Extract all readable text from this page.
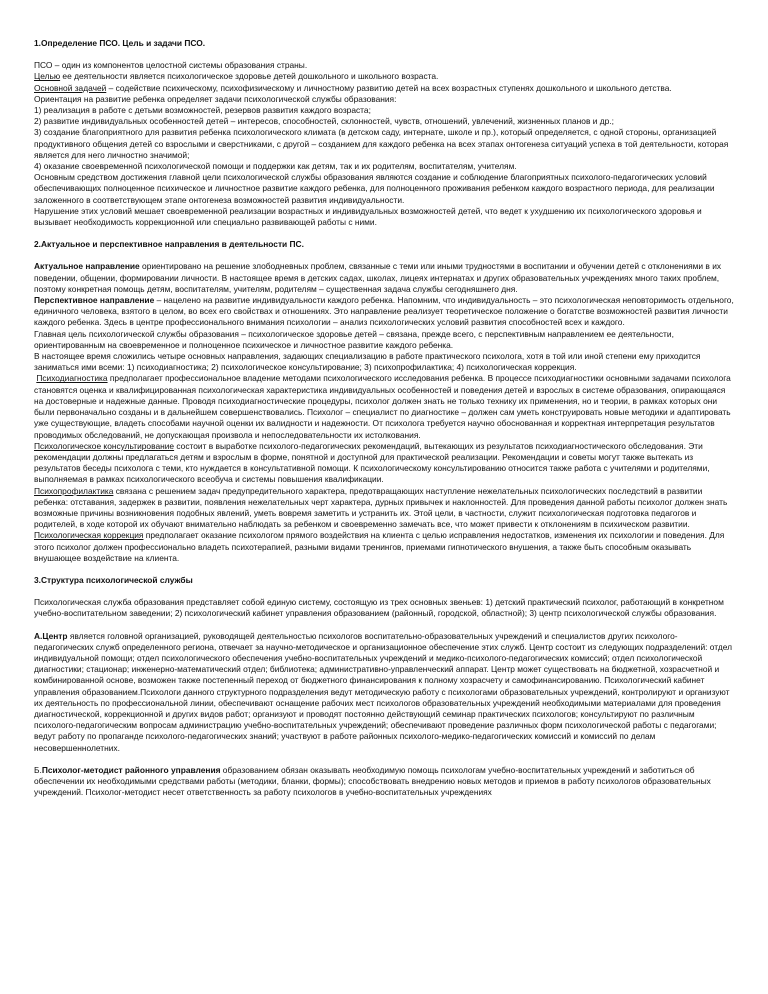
1.Определение ПСО. Цель и задачи ПСО.

ПСО – один из компонентов целостной системы образования страны.

Целью ее деятельности является психологическое здоровье детей дошкольного и школьного возраста.

Основной задачей – содействие психическому, психофизическому и личностному развитию детей на всех возрастных ступенях дошкольного и школьного детства.

Ориентация на развитие ребенка определяет задачи психологической службы образования:

1) реализация в работе с детьми возможностей, резервов развития каждого возраста;

2) развитие индивидуальных особенностей детей – интересов, способностей, склонностей, чувств, отношений, увлечений, жизненных планов и др.;

3) создание благоприятного для развития ребенка психологического климата (в детском саду, интернате, школе и пр.), который определяется, с одной стороны, организацией продуктивного общения детей со взрослыми и сверстниками, с другой – созданием для каждого ребенка на всех этапах онтогенеза ситуаций успеха в той деятельности, которая является для него личностно значимой;

4) оказание своевременной психологической помощи и поддержки как детям, так и их родителям, воспитателям, учителям.

Основным средством достижения главной цели психологической службы образования являются создание и соблюдение благоприятных психолого-педагогических условий обеспечивающих полноценное психическое и личностное развитие каждого ребенка, для полноценного проживания ребенком каждого возрастного периода, для реализации заложенного в соответствующем этапе онтогенеза возможностей развития индивидуальности.

Нарушение этих условий мешает своевременной реализации возрастных и индивидуальных возможностей детей, что ведет к ухудшению их психологического здоровья и вызывает необходимость коррекционной или специально развивающей работы с ними.

2.Актуальное и перспективное направления в деятельности ПС.

Актуальное направление ориентировано на решение злободневных проблем, связанные с теми или иными трудностями в воспитании и обучении детей с отклонениями в их поведении, общении, формировании личности. В настоящее время в детских садах, школах, лицеях интернатах и других образовательных учреждениях много таких проблем, поэтому конкретная помощь детям, воспитателям, учителям, родителям – существенная задача службы сегодняшнего дня.

Перспективное направление – нацелено на развитие индивидуальности каждого ребенка. Напомним, что индивидуальность – это психологическая неповторимость отдельного, единичного человека, взятого в целом, во всех его свойствах и отношениях. Это направление реализует теоретическое положение о богатстве возможностей развития личности каждого ребенка. Здесь в центре профессионального внимания психологии – анализ психологических условий развития способностей всех и каждого.

Главная цель психологической службы образования – психологическое здоровье детей – связана, прежде всего, с перспективным направлением ее деятельности, ориентированным на своевременное и полноценное психическое и личностное развитие каждого ребенка.

В настоящее время сложились четыре основных направления, задающих специализацию в работе практического психолога, хотя в той или иной степени ему приходится заниматься ими всеми: 1) психодиагностика; 2) психологическое консультирование; 3) психопрофилактика; 4) психологическая коррекция.

Психодиагностика предполагает профессиональное владение методами психологического исследования ребенка. В процессе психодиагностики основными задачами психолога становятся оценка и квалифицированная психологическая характеристика индивидуальных особенностей и поведения детей и взрослых в системе образования, опирающаяся на достоверные и надежные данные. Проводя психодиагностические процедуры, психолог должен знать не только технику их применения, но и теории, в рамках которых они были первоначально созданы и в дальнейшем совершенствовались. Психолог – специалист по диагностике – должен сам уметь конструировать новые методики и адаптировать уже существующие, владеть способами научной оценки их валидности и надежности. От психолога требуется научно обоснованная и корректная интерпретация результатов проводимых обследований, не допускающая произвола и непоследовательности их истолкования.

Психологическое консультирование состоит в выработке психолого-педагогических рекомендаций, вытекающих из результатов психодиагностического обследования. Эти рекомендации должны предлагаться детям и взрослым в форме, понятной и доступной для практической реализации. Рекомендации и советы могут также вытекать из результатов беседы психолога с теми, кто нуждается в консультативной помощи. К психологическому консультированию относится также работа с учителями и родителями, выполняемая в рамках психологического всеобуча и системы повышения квалификации.

Психопрофилактика связана с решением задач предупредительного характера, предотвращающих наступление нежелательных психологических последствий в развитии ребенка: отставания, задержек в развитии, появления нежелательных черт характера, дурных привычек и наклонностей. Для проведения данной работы психолог должен знать возможные причины возникновения подобных явлений, уметь вовремя заметить и устранить их. Этой цели, в частности, служит психологическая подготовка педагогов и родителей, в ходе которой их обучают внимательно наблюдать за ребенком и своевременно замечать все, что может привести к отклонениям в психическом развитии.

Психологическая коррекция предполагает оказание психологом прямого воздействия на клиента с целью исправления недостатков, изменения их психологии и поведения. Для этого психолог должен профессионально владеть психотерапией, разными видами тренингов, приемами гипнотического внушения, а также быть способным оказывать внушающее воздействие на клиента.

3.Структура психологической службы

Психологическая служба образования представляет собой единую систему, состоящую из трех основных звеньев: 1) детский практический психолог, работающий в конкретном учебно-воспитательном заведении; 2) психологический кабинет управления образованием (районный, городской, областной); 3) центр психологической службы образования.

А.Центр является головной организацией, руководящей деятельностью психологов воспитательно-образовательных учреждений и специалистов других психолого-педагогических служб определенного региона, отвечает за научно-методическое и организационное обеспечение этих служб. Центр состоит из следующих подразделений: отдел индивидуальной помощи; отдел психологического обеспечения учебно-воспитательных учреждений и медико-психолого-педагогических комиссий; отдел психологической диагностики; стационар; инженерно-математический отдел; библиотека; административно-управленческий аппарат. Центр может существовать на бюджетной, хозрасчетной и комбинированной основе, возможен также постепенный переход от бюджетного финансирования к полному хозрасчету и самофинансированию. Психологический кабинет управления образованием.Психологи данного структурного подразделения ведут методическую работу с психологами образовательных учреждений, контролируют и организуют их деятельность по профессиональной линии, обеспечивают оснащение рабочих мест психологов образовательных учреждений необходимыми материалами для проведения диагностической, коррекционной и других видов работ; организуют и проводят постоянно действующий семинар практических психологов; консультируют по различным психолого-педагогическим вопросам администрацию учебно-воспитательных учреждений; обеспечивают проведение различных форм психологической работы с педагогами; ведут работу по пропаганде психолого-педагогических знаний; участвуют в работе районных психолого-медико-педагогических комиссий и комиссий по делам несовершеннолетних.

Б.Психолог-методист районного управления образованием обязан оказывать необходимую помощь психологам учебно-воспитательных учреждений и заботиться об обеспечении их необходимыми средствами работы (методики, бланки, формы); способствовать внедрению новых методов и приемов в работу психологов образовательных учреждений. Психолог-методист несет ответственность за работу психологов в учебно-воспитательных учреждениях
